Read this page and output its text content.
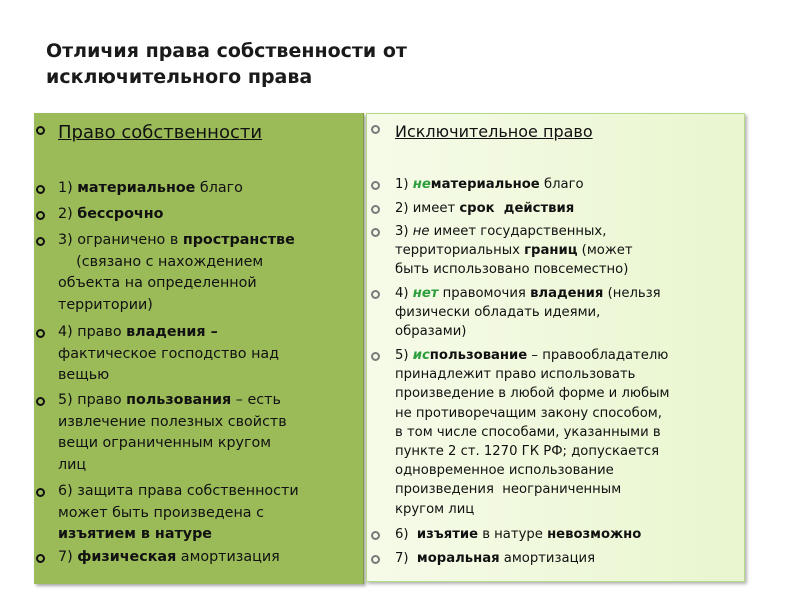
Отличия права собственности от
исключительного права
Право собственности
1) материальное благо
2) бессрочно
3) ограничено в пространстве
(связано с нахождением
объекта на определенной
территории)
4) право владения –
фактическое господство над
вещью
5) право пользования – есть
извлечение полезных свойств
вещи ограниченным кругом
лиц
6) защита права собственности
может быть произведена с
изъятием в натуре
7) физическая амортизация
Исключительное право
1) нематериальное благо
2) имеет срок  действия
3) не имеет государственных,
территориальных границ (может
быть использовано повсеместно)
4) нет правомочия владения (нельзя
физически обладать идеями,
образами)
5) использование – правообладателю
принадлежит право использовать
произведение в любой форме и любым
не противоречащим закону способом,
в том числе способами, указанными в
пункте 2 ст. 1270 ГК РФ; допускается
одновременное использование
произведения  неограниченным
кругом лиц
6)  изъятие в натуре невозможно
7)  моральная амортизация
